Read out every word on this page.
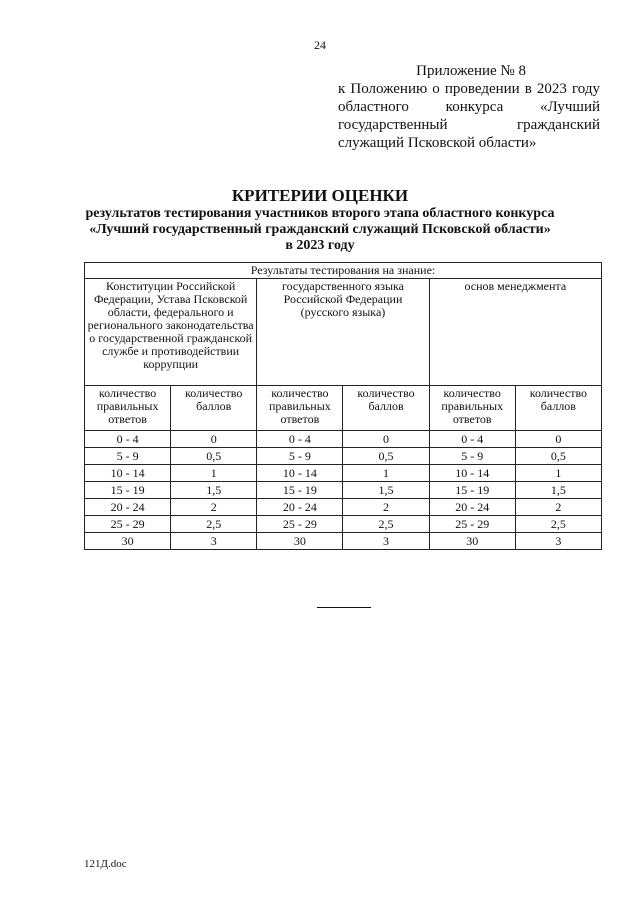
24
Приложение № 8
к Положению о проведении в 2023 году
областного конкурса «Лучший
государственный гражданский
служащий Псковской области»
КРИТЕРИИ ОЦЕНКИ
результатов тестирования участников второго этапа областного конкурса
«Лучший государственный гражданский служащий Псковской области»
в 2023 году
Результаты тестирования на знание:					
Конституции Российской Федерации, Устава Псковской области, федерального и регионального законодательства о государственной гражданской службе и противодействии коррупции		государственного языка Российской Федерации (русского языка)		основ менеджмента	
количество правильных ответов	количество баллов	количество правильных ответов	количество баллов	количество правильных ответов	количество баллов
0 - 4	0	0 - 4	0	0 - 4	0
5 - 9	0,5	5 - 9	0,5	5 - 9	0,5
10 - 14	1	10 - 14	1	10 - 14	1
15 - 19	1,5	15 - 19	1,5	15 - 19	1,5
20 - 24	2	20 - 24	2	20 - 24	2
25 - 29	2,5	25 - 29	2,5	25 - 29	2,5
30	3	30	3	30	3
121Д.doc
